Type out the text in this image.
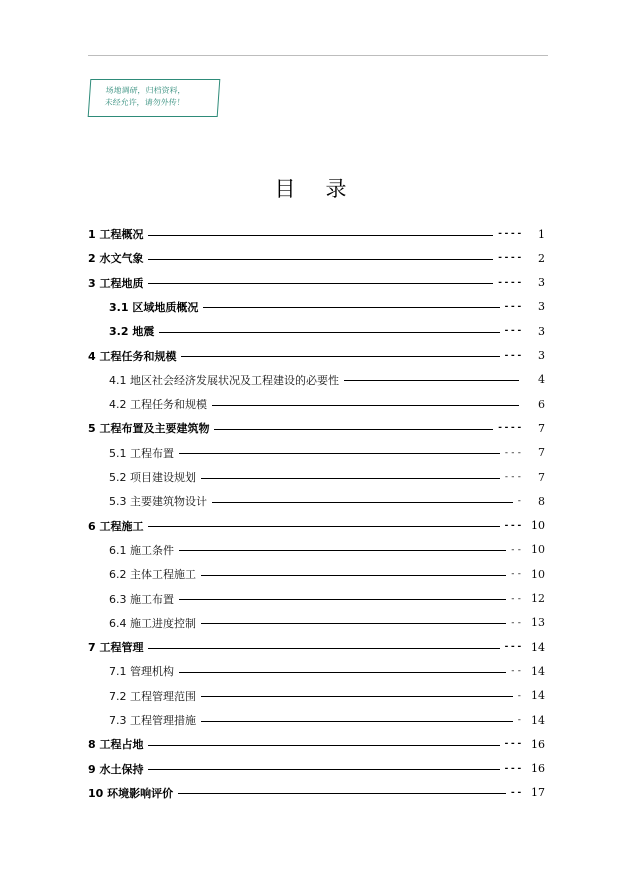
场地调研，归档资料，
未经允许，请勿外传！
目录
1 工程概况	----	1
2 水文气象	----	2
3 工程地质	----	3
3.1 区域地质概况	---	3
3.2 地震	---	3
4 工程任务和规模	---	3
4.1 地区社会经济发展状况及工程建设的必要性	4
4.2 工程任务和规模	6
5 工程布置及主要建筑物	----	7
5.1 工程布置	---	7
5.2 项目建设规划	---	7
5.3 主要建筑物设计	-	8
6 工程施工	--- 10
6.1 施工条件	-- 10
6.2 主体工程施工	-- 10
6.3 施工布置	-- 12
6.4 施工进度控制	-- 13
7 工程管理	--- 14
7.1 管理机构	-- 14
7.2 工程管理范围	- 14
7.3 工程管理措施	- 14
8 工程占地	--- 16
9 水土保持	--- 16
10 环境影响评价	-- 17
